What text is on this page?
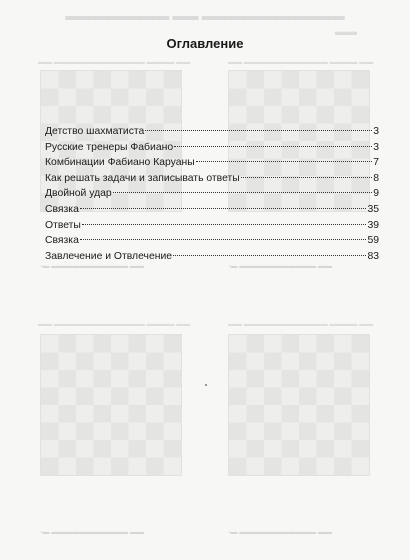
▬▬▬▬▬▬▬▬ ▬▬ ▬▬▬▬▬▬▬▬▬▬▬
▬▬
▬▬ ▬▬▬▬▬▬▬▬▬▬▬▬▬ ▬▬▬▬ ▬▬	▬▬ ▬▬▬▬▬▬▬▬▬▬▬▬ ▬▬▬▬ ▬▬
▫▬ ▬▬▬▬▬▬▬▬▬▬▬ ▬▬	▫▬ ▬▬▬▬▬▬▬▬▬▬▬ ▬▬
▬▬ ▬▬▬▬▬▬▬▬▬▬▬▬▬ ▬▬▬▬ ▬▬	▬▬ ▬▬▬▬▬▬▬▬▬▬▬▬ ▬▬▬▬ ▬▬
▫▬ ▬▬▬▬▬▬▬▬▬▬▬ ▬▬	▫▬ ▬▬▬▬▬▬▬▬▬▬▬ ▬▬
Оглавление
Детство шахматиста	3
Русские тренеры Фабиано	3
Комбинации Фабиано Каруаны	7
Как решать задачи и записывать ответы	8
Двойной удар	9
Связка	35
Ответы	39
Связка	59
Завлечение и Отвлечение	83
